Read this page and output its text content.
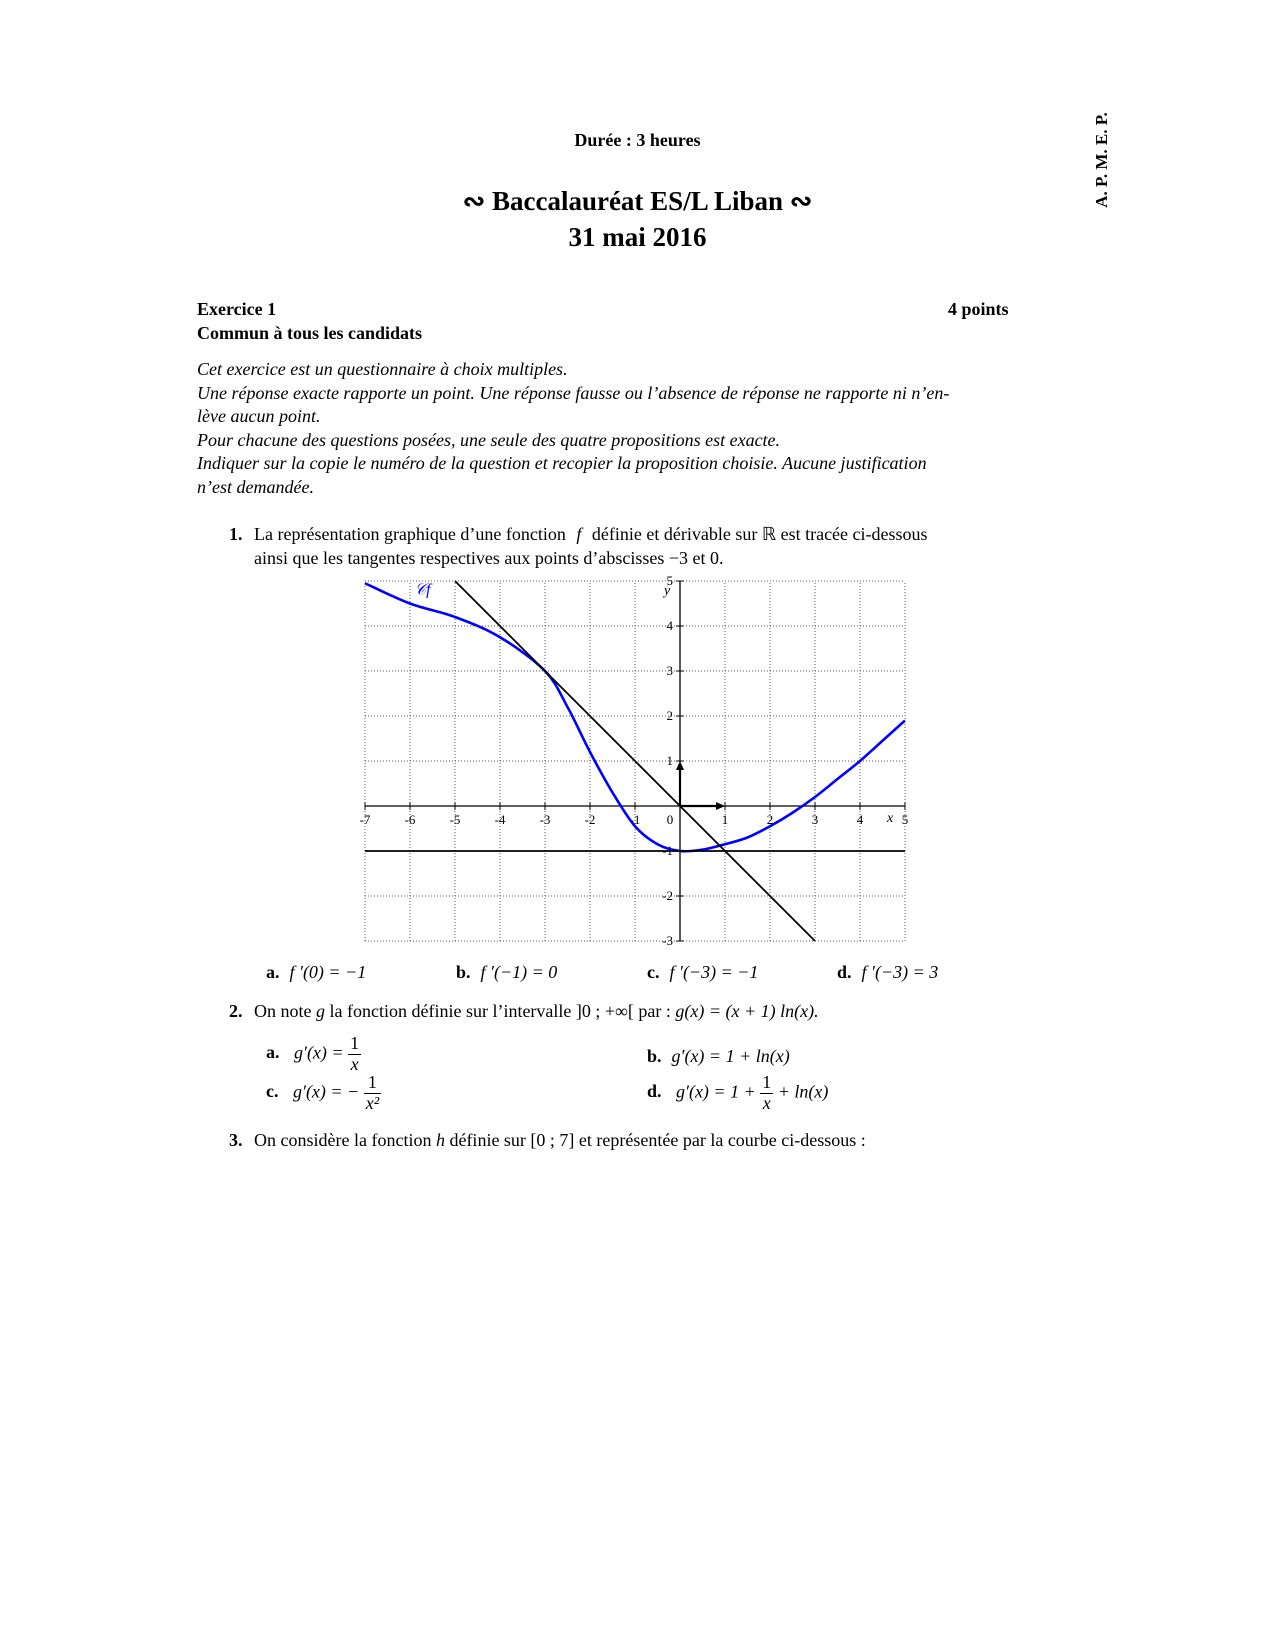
A. P. M. E. P.
Durée : 3 heures
∾ Baccalauréat ES/L Liban ∾
31 mai 2016
Exercice 1	4 points
Commun à tous les candidats
Cet exercice est un questionnaire à choix multiples.
Une réponse exacte rapporte un point. Une réponse fausse ou l’absence de réponse ne rapporte ni n’en-
lève aucun point.
Pour chacune des questions posées, une seule des quatre propositions est exacte.
Indiquer sur la copie le numéro de la question et recopier la proposition choisie. Aucune justification
n’est demandée.
1. La représentation graphique d’une fonction f définie et dérivable sur ℝ est tracée ci-dessous
ainsi que les tangentes respectives aux points d’abscisses −3 et 0.
-7	-6	-5	-4	-3	-2	-1 0	1	2	3	4	5
-3
-2
-1
1
2
3
4
5
𝒞f
x
y
a. f ′(0) = −1	b. f ′(−1) = 0	c. f ′(−3) = −1	d. f ′(−3) = 3
2. On note g la fonction définie sur l’intervalle ]0 ; +∞[ par : g(x) = (x + 1) ln(x).
a. $g'(x) = \frac{1}{x}$	b. g′(x) = 1 + ln(x)
c. g′(x) = − $\frac{1}{\text{x²}}$	d. $g'(x) = 1 + \frac{1}{x} + \ln(x)$
3. On considère la fonction h définie sur [0 ; 7] et représentée par la courbe ci-dessous :
